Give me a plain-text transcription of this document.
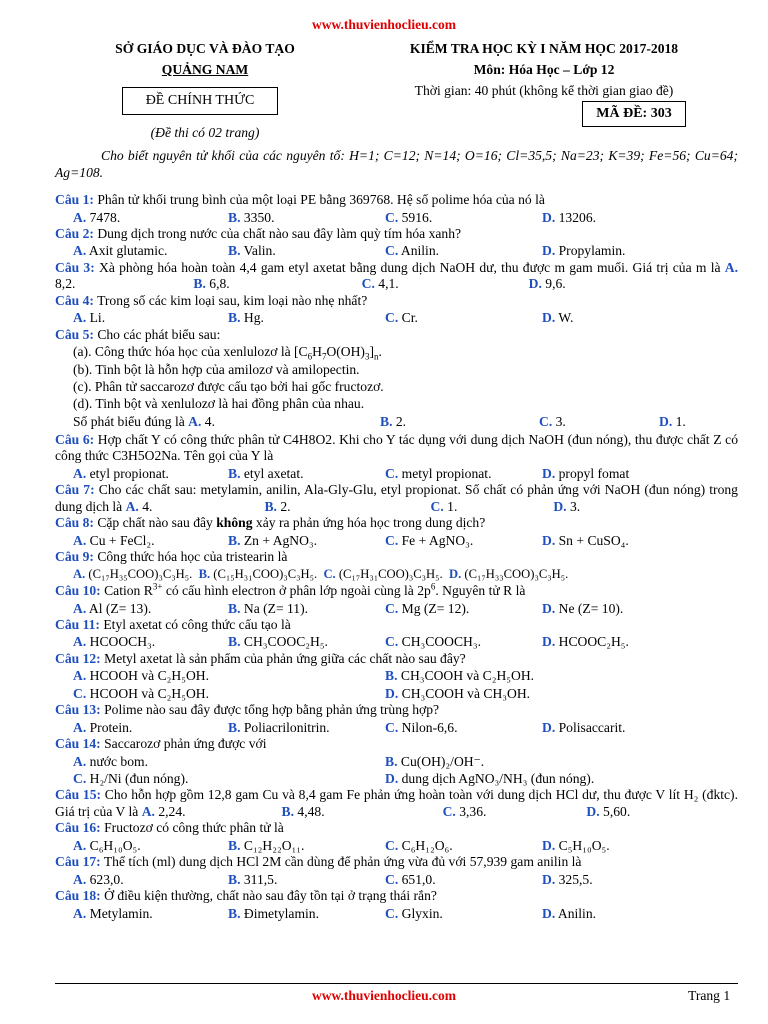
www.thuvienhoclieu.com
SỞ GIÁO DỤC VÀ ĐÀO TẠO
QUẢNG NAM
ĐỀ CHÍNH THỨC
(Đề thi có 02 trang)
KIỂM TRA HỌC KỲ I NĂM HỌC 2017-2018
Môn: Hóa Học – Lớp 12
Thời gian: 40 phút (không kể thời gian giao đề)
MÃ ĐỀ: 303
Cho biết nguyên tử khối của các nguyên tố: H=1; C=12; N=14; O=16; Cl=35,5; Na=23; K=39; Fe=56; Cu=64; Ag=108.
Câu 1: Phân tử khối trung bình của một loại PE bằng 369768. Hệ số polime hóa của nó là
A. 7478.	B. 3350.	C. 5916.	D. 13206.
Câu 2: Dung dịch trong nước của chất nào sau đây làm quỳ tím hóa xanh?
A. Axit glutamic.	B. Valin.	C. Anilin.	D. Propylamin.
Câu 3: Xà phòng hóa hoàn toàn 4,4 gam etyl axetat bằng dung dịch NaOH dư, thu được m gam muối. Giá trị của m là A. 8,2.	B. 6,8.	C. 4,1.	D. 9,6.
Câu 4: Trong số các kim loại sau, kim loại nào nhẹ nhất?
A. Li.	B. Hg.	C. Cr.	D. W.
Câu 5: Cho các phát biểu sau:
(a). Công thức hóa học của xenlulozơ là $[C_6H_7O(OH)_3]_n$.
(b). Tinh bột là hỗn hợp của amilozơ và amilopectin.
(c). Phân tử saccarozơ được cấu tạo bởi hai gốc fructozơ.
(d). Tinh bột và xenlulozơ là hai đồng phân của nhau.
Số phát biểu đúng là A. 4.	B. 2.	C. 3.	D. 1.
Câu 6: Hợp chất Y có công thức phân tử C4H8O2. Khi cho Y tác dụng với dung dịch NaOH (đun nóng), thu được chất Z có công thức C3H5O2Na. Tên gọi của Y là
A. etyl propionat.	B. etyl axetat.	C. metyl propionat.	D. propyl fomat
Câu 7: Cho các chất sau: metylamin, anilin, Ala-Gly-Glu, etyl propionat. Số chất có phản ứng với NaOH (đun nóng) trong dung dịch là A. 4.	B. 2.	C. 1.	D. 3.
Câu 8: Cặp chất nào sau đây không xảy ra phản ứng hóa học trong dung dịch?
A. Cu + FeCl₂.	B. Zn + AgNO₃.	C. Fe + AgNO₃.	D. Sn + CuSO₄.
Câu 9: Công thức hóa học của tristearin là
A. (C₁₇H₃₅COO)₃C₃H₅. B. (C₁₅H₃₁COO)₃C₃H₅. C. (C₁₇H₃₁COO)₃C₃H₅. D. (C₁₇H₃₃COO)₃C₃H₅.
Câu 10: Cation $R^{3+}$ có cấu hình electron ở phân lớp ngoài cùng là $2p^6$. Nguyên tử R là
A. Al (Z= 13).	B. Na (Z= 11).	C. Mg (Z= 12).	D. Ne (Z= 10).
Câu 11: Etyl axetat có công thức cấu tạo là
A. HCOOCH₃.	B. CH₃COOC₂H₅.	C. CH₃COOCH₃.	D. HCOOC₂H₅.
Câu 12: Metyl axetat là sản phẩm của phản ứng giữa các chất nào sau đây?
A. HCOOH và C₂H₅OH.	B. CH₃COOH và C₂H₅OH.
C. HCOOH và C₂H₅OH.	D. CH₃COOH và CH₃OH.
Câu 13: Polime nào sau đây được tổng hợp bằng phản ứng trùng hợp?
A. Protein.	B. Poliacrilonitrin.	C. Nilon-6,6.	D. Polisaccarit.
Câu 14: Saccarozơ phản ứng được với
A. nước bom.	B. Cu(OH)₂/OH⁻.
C. H₂/Ni (đun nóng).	D. dung dịch AgNO₃/NH₃ (đun nóng).
Câu 15: Cho hỗn hợp gồm 12,8 gam Cu và 8,4 gam Fe phản ứng hoàn toàn với dung dịch HCl dư, thu được V lít H₂ (đktc). Giá trị của V là A. 2,24.	B. 4,48.	C. 3,36.	D. 5,60.
Câu 16: Fructozơ có công thức phân tử là
A. C₆H₁₀O₅.	B. C₁₂H₂₂O₁₁.	C. C₆H₁₂O₆.	D. C₅H₁₀O₅.
Câu 17: Thể tích (ml) dung dịch HCl 2M cần dùng để phản ứng vừa đủ với 57,939 gam anilin là
A. 623,0.	B. 311,5.	C. 651,0.	D. 325,5.
Câu 18: Ở điều kiện thường, chất nào sau đây tồn tại ở trạng thái rắn?
A. Metylamin.	B. Đimetylamin.	C. Glyxin.	D. Anilin.
www.thuvienhoclieu.com	Trang 1
